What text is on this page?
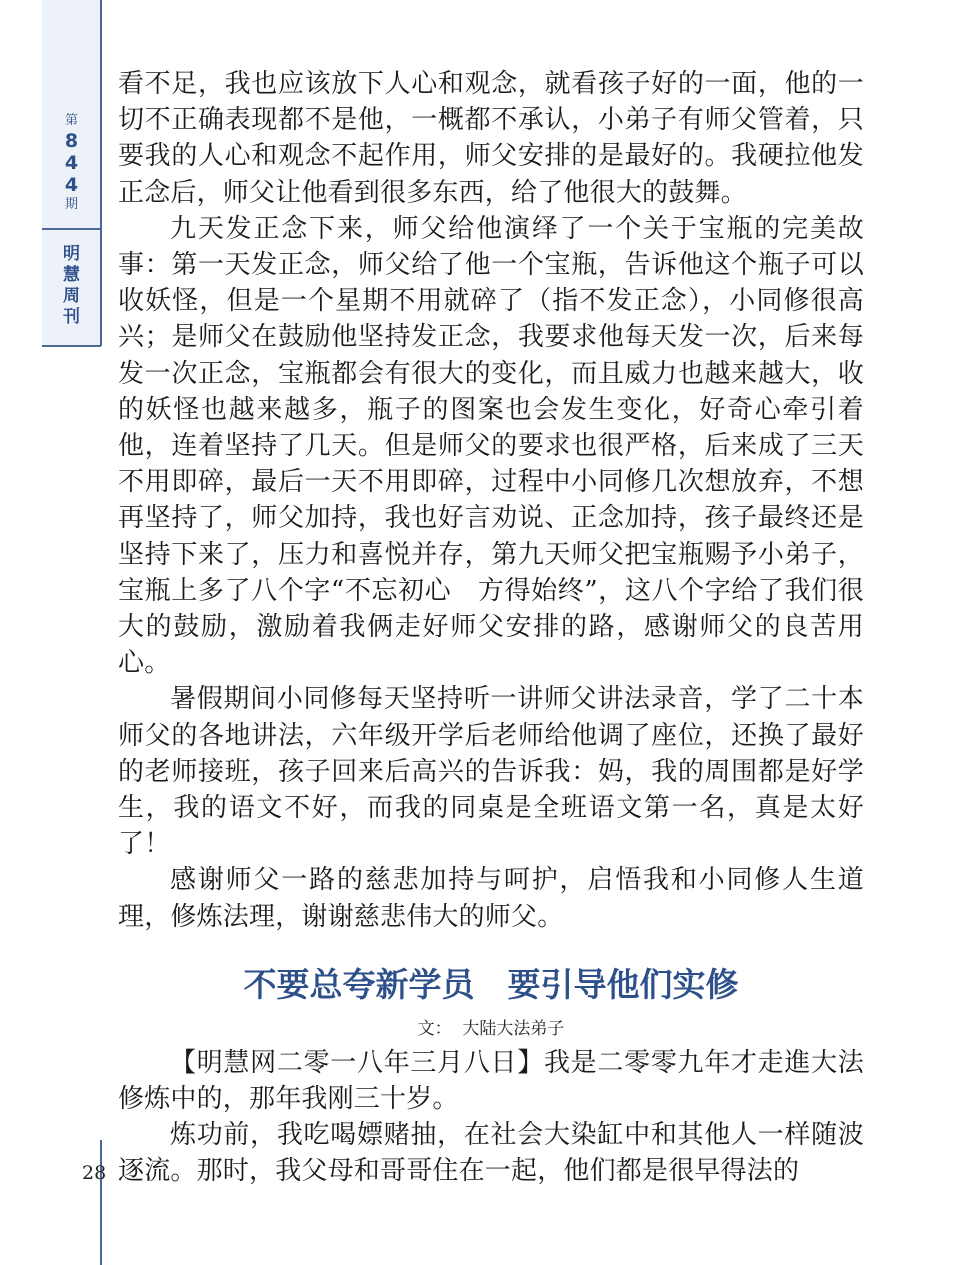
第
8
4
4
期
明
慧
周
刊
28

看不足，我也应该放下人心和观念，就看孩子好的一面，他的一切不正确表现都不是他，一概都不承认，小弟子有师父管着，只要我的人心和观念不起作用，师父安排的是最好的。我硬拉他发正念后，师父让他看到很多东西，给了他很大的鼓舞。

九天发正念下来，师父给他演绎了一个关于宝瓶的完美故事：第一天发正念，师父给了他一个宝瓶，告诉他这个瓶子可以收妖怪，但是一个星期不用就碎了（指不发正念），小同修很高兴；是师父在鼓励他坚持发正念，我要求他每天发一次，后来每发一次正念，宝瓶都会有很大的变化，而且威力也越来越大，收的妖怪也越来越多，瓶子的图案也会发生变化，好奇心牵引着他，连着坚持了几天。但是师父的要求也很严格，后来成了三天不用即碎，最后一天不用即碎，过程中小同修几次想放弃，不想再坚持了，师父加持，我也好言劝说、正念加持，孩子最终还是坚持下来了，压力和喜悦并存，第九天师父把宝瓶赐予小弟子，宝瓶上多了八个字“不忘初心　方得始终”，这八个字给了我们很大的鼓励，激励着我俩走好师父安排的路，感谢师父的良苦用心。

暑假期间小同修每天坚持听一讲师父讲法录音，学了二十本师父的各地讲法，六年级开学后老师给他调了座位，还换了最好的老师接班，孩子回来后高兴的告诉我：妈，我的周围都是好学生，我的语文不好，而我的同桌是全班语文第一名，真是太好了！

感谢师父一路的慈悲加持与呵护，启悟我和小同修人生道理，修炼法理，谢谢慈悲伟大的师父。

不要总夸新学员　要引导他们实修
文：  大陆大法弟子

【明慧网二零一八年三月八日】我是二零零九年才走進大法修炼中的，那年我刚三十岁。

炼功前，我吃喝嫖赌抽，在社会大染缸中和其他人一样随波逐流。那时，我父母和哥哥住在一起，他们都是很早得法的
